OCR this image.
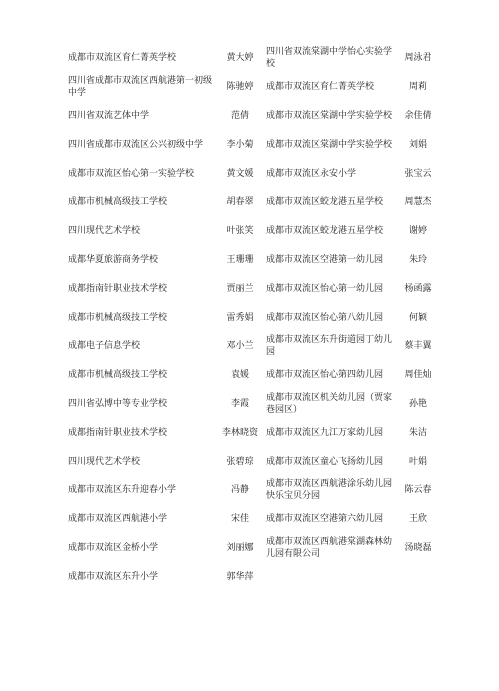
成都市双流区育仁菁英学校	黄大婷	四川省双流棠湖中学怡心实验学校	周泳君
四川省成都市双流区西航港第一初级中学	陈驰婷	成都市双流区育仁菁英学校	周莉
四川省双流艺体中学	范倩	成都市双流区棠湖中学实验学校	余佳倩
四川省成都市双流区公兴初级中学	李小菊	成都市双流区棠湖中学实验学校	刘娟
成都市双流区怡心第一实验学校	黄文媛	成都市双流区永安小学	张宝云
成都市机械高级技工学校	胡春翠	成都市双流区蛟龙港五星学校	周慧杰
四川现代艺术学校	叶张笑	成都市双流区蛟龙港五星学校	谢婷
成都华夏旅游商务学校	王珊珊	成都市双流区空港第一幼儿园	朱玲
成都指南针职业技术学校	贾丽兰	成都市双流区怡心第一幼儿园	杨函露
成都市机械高级技工学校	雷秀娟	成都市双流区怡心第八幼儿园	何颖
成都电子信息学校	邓小兰	成都市双流区东升街道园丁幼儿园	蔡丰翼
成都市机械高级技工学校	袁媛	成都市双流区怡心第四幼儿园	周佳灿
四川省弘博中等专业学校	李霞	成都市双流区机关幼儿园（贾家巷园区）	孙艳
成都指南针职业技术学校	李林晓资	成都市双流区九江万家幼儿园	朱洁
四川现代艺术学校	张碧琼	成都市双流区童心飞扬幼儿园	叶娟
成都市双流区东升迎春小学	冯静	成都市双流区西航港涂乐幼儿园快乐宝贝分园	陈云春
成都市双流区西航港小学	宋佳	成都市双流区空港第六幼儿园	王欣
成都市双流区金桥小学	刘丽娜	成都市双流区西航港棠湖森林幼儿园有限公司	汤晓磊
成都市双流区东升小学	郭华萍		
